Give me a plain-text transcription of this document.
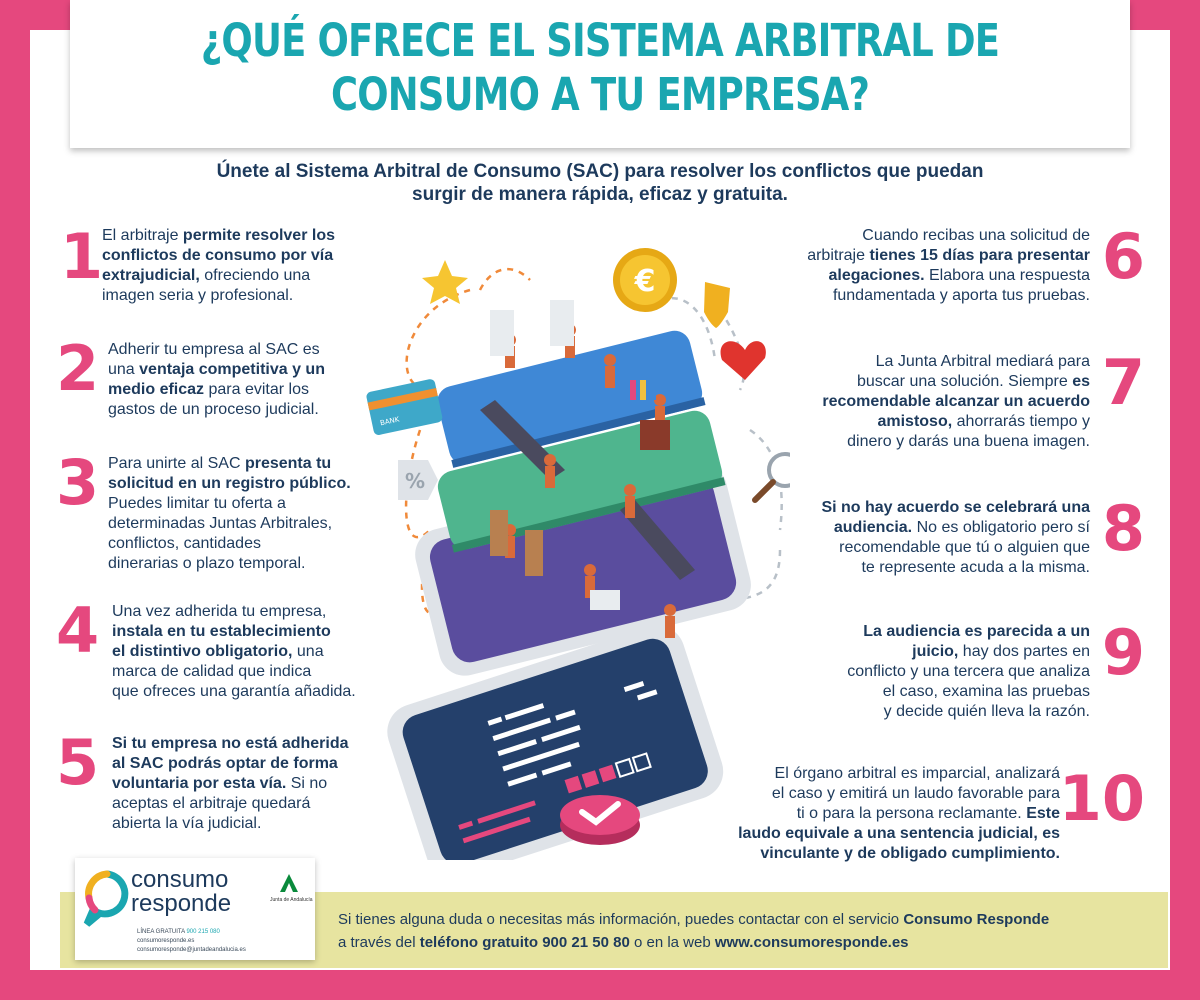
¿QUÉ OFRECE EL SISTEMA ARBITRAL DE
CONSUMO A TU EMPRESA?
Únete al Sistema Arbitral de Consumo (SAC) para resolver los conflictos que puedan
surgir de manera rápida, eficaz y gratuita.
1
El arbitraje permite resolver los
conflictos de consumo por vía
extrajudicial, ofreciendo una
imagen seria y profesional.
2 Adherir tu empresa al SAC es
una ventaja competitiva y un
medio eficaz para evitar los
gastos de un proceso judicial.
3 Para unirte al SAC presenta tu
solicitud en un registro público.
Puedes limitar tu oferta a
determinadas Juntas Arbitrales,
conflictos, cantidades
dinerarias o plazo temporal.
4 Una vez adherida tu empresa,
instala en tu establecimiento
el distintivo obligatorio, una
marca de calidad que indica
que ofreces una garantía añadida.
5 Si tu empresa no está adherida
al SAC podrás optar de forma
voluntaria por esta vía. Si no
aceptas el arbitraje quedará
abierta la vía judicial.
Cuando recibas una solicitud de
arbitraje tienes 15 días para presentar
alegaciones. Elabora una respuesta
fundamentada y aporta tus pruebas.
6
La Junta Arbitral mediará para
buscar una solución. Siempre es
recomendable alcanzar un acuerdo
amistoso, ahorrarás tiempo y
dinero y darás una buena imagen.
7
Si no hay acuerdo se celebrará una
audiencia. No es obligatorio pero sí
recomendable que tú o alguien que
te represente acuda a la misma.
8
La audiencia es parecida a un
juicio, hay dos partes en
conflicto y una tercera que analiza
el caso, examina las pruebas
y decide quién lleva la razón.
9
El órgano arbitral es imparcial, analizará
el caso y emitirá un laudo favorable para
ti o para la persona reclamante. Este
laudo equivale a una sentencia judicial, es
vinculante y de obligado cumplimiento.
10
€
BANK
%
consumo
responde	Junta de Andalucía
LÍNEA GRATUITA 900 215 080
consumoresponde.es
consumoresponde@juntadeandalucia.es
Si tienes alguna duda o necesitas más información, puedes contactar con el servicio Consumo Responde
a través del teléfono gratuito 900 21 50 80 o en la web www.consumoresponde.es
